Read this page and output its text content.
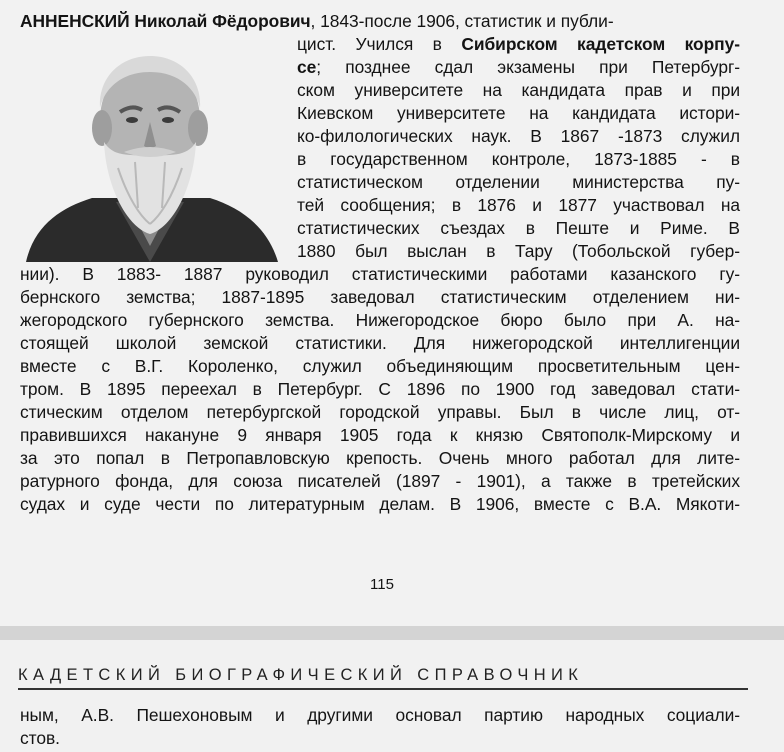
АННЕНСКИЙ Николай Фёдорович, 1843-после 1906, статистик и публи-
цист. Учился в Сибирском кадетском корпу-
се; позднее сдал экзамены при Петербург-
ском университете на кандидата прав и при
Киевском университете на кандидата истори-
ко-филологических наук. В 1867 -1873 служил
в государственном контроле, 1873-1885 - в
статистическом отделении министерства пу-
тей сообщения; в 1876 и 1877 участвовал на
статистических съездах в Пеште и Риме. В
1880 был выслан в Тару (Тобольской губер-
нии). В 1883- 1887 руководил статистическими работами казанского гу-
бернского земства; 1887-1895 заведовал статистическим отделением ни-
жегородского губернского земства. Нижегородское бюро было при А. на-
стоящей школой земской статистики. Для нижегородской интеллигенции
вместе с В.Г. Короленко, служил объединяющим просветительным цен-
тром. В 1895 переехал в Петербург. С 1896 по 1900 год заведовал стати-
стическим отделом петербургской городской управы. Был в числе лиц, от-
правившихся накануне 9 января 1905 года к князю Святополк-Мирскому и
за это попал в Петропавловскую крепость. Очень много работал для лите-
ратурного фонда, для союза писателей (1897 - 1901), а также в третейских
судах и суде чести по литературным делам. В 1906, вместе с В.А. Мякоти-
115
КАДЕТСКИЙ БИОГРАФИЧЕСКИЙ СПРАВОЧНИК
ным, А.В. Пешехоновым и другими основал партию народных социали-
стов.
